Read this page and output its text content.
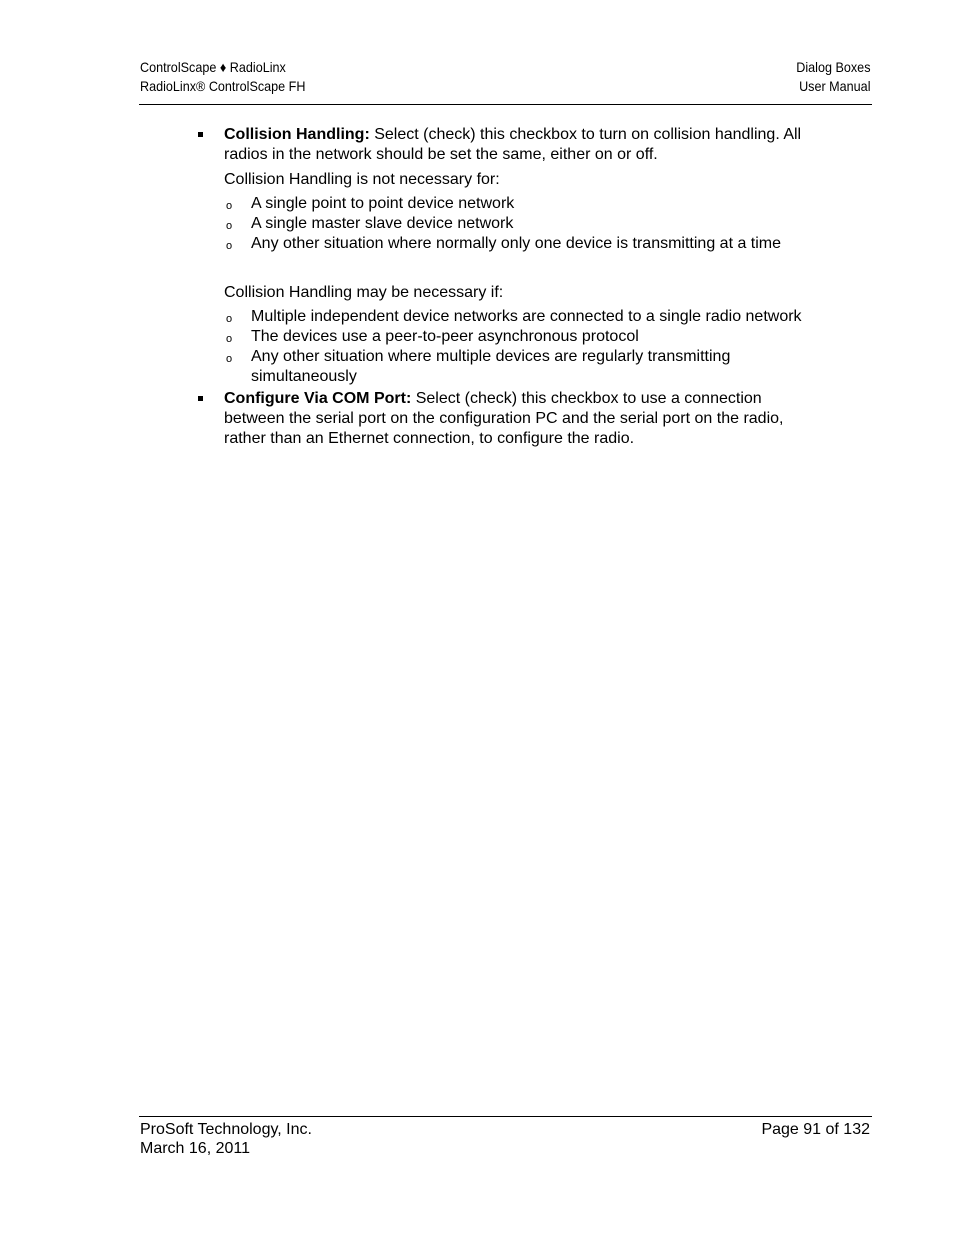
ControlScape ♦ RadioLinx
RadioLinx® ControlScape FH
Dialog Boxes
User Manual

Collision Handling: Select (check) this checkbox to turn on collision handling. All radios in the network should be set the same, either on or off.

Collision Handling is not necessary for:

o A single point to point device network
o A single master slave device network
o Any other situation where normally only one device is transmitting at a time

Collision Handling may be necessary if:

o Multiple independent device networks are connected to a single radio network
o The devices use a peer-to-peer asynchronous protocol
o Any other situation where multiple devices are regularly transmitting simultaneously

Configure Via COM Port: Select (check) this checkbox to use a connection between the serial port on the configuration PC and the serial port on the radio, rather than an Ethernet connection, to configure the radio.

ProSoft Technology, Inc.
March 16, 2011
Page 91 of 132
